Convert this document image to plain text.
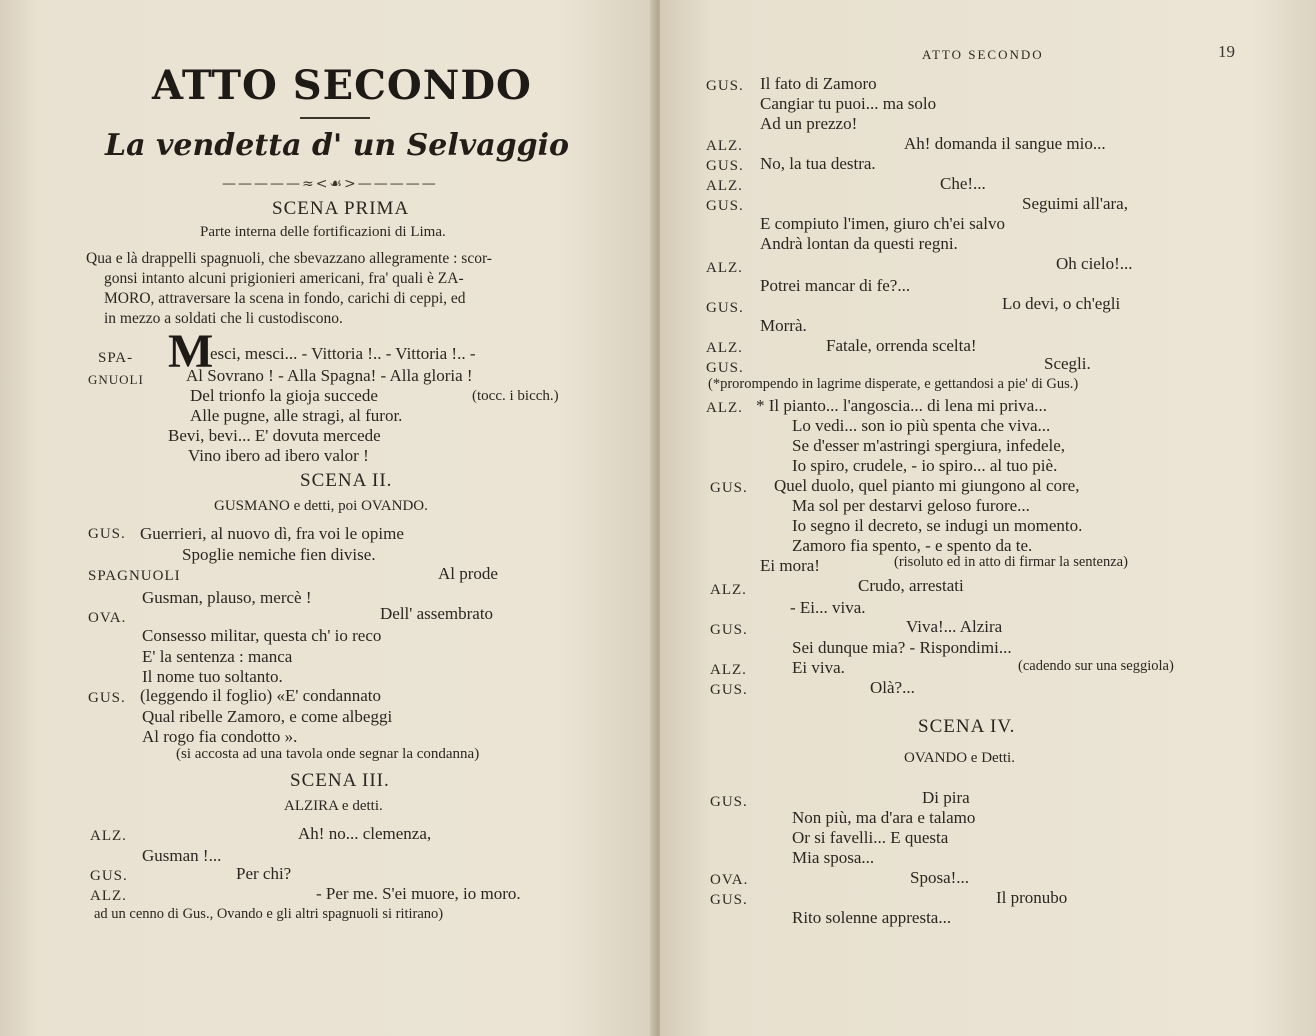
ATTO SECONDO
La vendetta d' un Selvaggio
—————≈<☙>—————
SCENA PRIMA
Parte interna delle fortificazioni di Lima.
Qua e là drappelli spagnuoli, che sbevazzano allegramente : scor-
gonsi intanto alcuni prigionieri americani, fra' quali è ZA-
MORO, attraversare la scena in fondo, carichi di ceppi, ed
in mezzo a soldati che li custodiscono.
SPA-
GNUOLI
M
esci, mesci... - Vittoria !.. - Vittoria !.. -
Al Sovrano ! - Alla Spagna! - Alla gloria !
Del trionfo la gioja succede	(tocc. i bicch.)
Alle pugne, alle stragi, al furor.
Bevi, bevi... E' dovuta mercede
Vino ibero ad ibero valor !
SCENA II.
GUSMANO e detti, poi OVANDO.
GUS. Guerrieri, al nuovo dì, fra voi le opime
Spoglie nemiche fien divise.
SPAGNUOLI	Al prode
Gusman, plauso, mercè !
OVA.	Dell' assembrato
Consesso militar, questa ch' io reco
E' la sentenza : manca
Il nome tuo soltanto.
GUS. (leggendo il foglio) «E' condannato
Qual ribelle Zamoro, e come albeggi
Al rogo fia condotto ».
(si accosta ad una tavola onde segnar la condanna)
SCENA III.
ALZIRA e detti.
ALZ.	Ah! no... clemenza,
Gusman !...
GUS.	Per chi?
ALZ.	- Per me. S'ei muore, io moro.
ad un cenno di Gus., Ovando e gli altri spagnuoli si ritirano)
ATTO SECONDO	19
GUS. Il fato di Zamoro
Cangiar tu puoi... ma solo
Ad un prezzo!
ALZ.	Ah! domanda il sangue mio...
GUS. No, la tua destra.
ALZ.	Che!...
GUS.	Seguimi all'ara,
E compiuto l'imen, giuro ch'ei salvo
Andrà lontan da questi regni.
ALZ.	Oh cielo!...
Potrei mancar di fe?...
GUS.	Lo devi, o ch'egli
Morrà.
ALZ.	Fatale, orrenda scelta!
GUS.	Scegli.
(*prorompendo in lagrime disperate, e gettandosi a pie' di Gus.)
ALZ. * Il pianto... l'angoscia... di lena mi priva...
Lo vedi... son io più spenta che viva...
Se d'esser m'astringi spergiura, infedele,
Io spiro, crudele, - io spiro... al tuo piè.
GUS. Quel duolo, quel pianto mi giungono al core,
Ma sol per destarvi geloso furore...
Io segno il decreto, se indugi un momento.
Zamoro fia spento, - e spento da te.
Ei mora!	(risoluto ed in atto di firmar la sentenza)
ALZ.	Crudo, arrestati
- Ei... viva.
GUS.	Viva!... Alzira
Sei dunque mia? - Rispondimi...
ALZ.	Ei viva.	(cadendo sur una seggiola)
GUS.	Olà?...
SCENA IV.
OVANDO e Detti.
GUS.	Di pira
Non più, ma d'ara e talamo
Or si favelli... E questa
Mia sposa...
OVA.	Sposa!...
GUS.	Il pronubo
Rito solenne appresta...
